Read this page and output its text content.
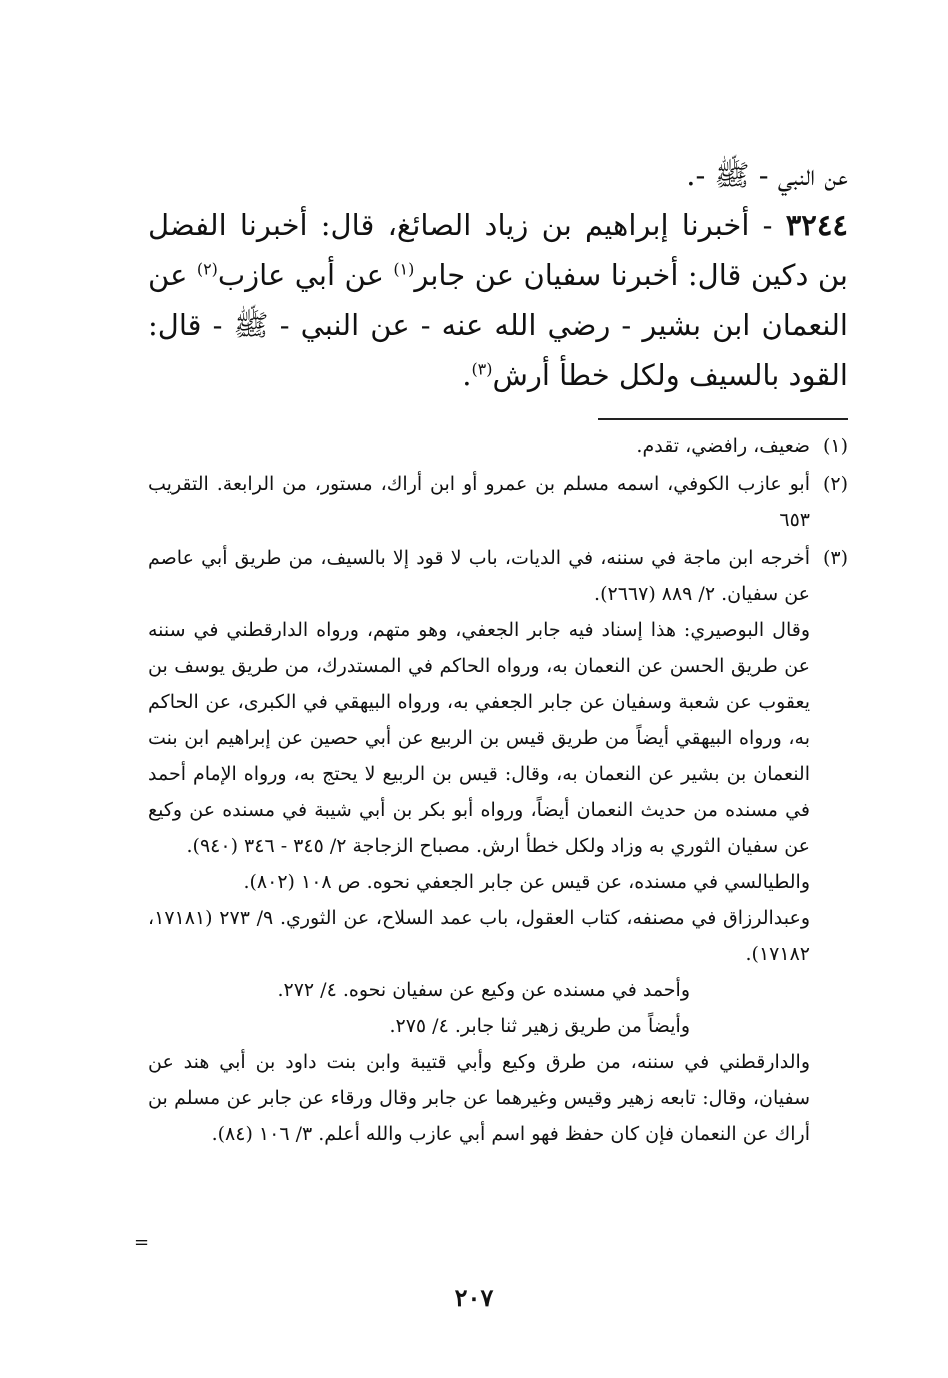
عن النبي - ﷺ -.

٣٢٤٤ - أخبرنا إبراهيم بن زياد الصائغ، قال: أخبرنا الفضل بن دكين قال: أخبرنا سفيان عن جابر$^{(١)}$ عن أبي عازب$^{(٢)}$ عن النعمان ابن بشير - رضي الله عنه - عن النبي - ﷺ - قال: القود بالسيف ولكل خطأ أرش$^{(٣)}$.

(١)

ضعيف، رافضي، تقدم.

(٢)

أبو عازب الكوفي، اسمه مسلم بن عمرو أو ابن أراك، مستور، من الرابعة. التقريب ٦٥٣

(٣)

أخرجه ابن ماجة في سننه، في الديات، باب لا قود إلا بالسيف، من طريق أبي عاصم عن سفيان. ٢/ ٨٨٩ (٢٦٦٧).

وقال البوصيري: هذا إسناد فيه جابر الجعفي، وهو متهم، ورواه الدارقطني في سننه عن طريق الحسن عن النعمان به، ورواه الحاكم في المستدرك، من طريق يوسف بن يعقوب عن شعبة وسفيان عن جابر الجعفي به، ورواه البيهقي في الكبرى، عن الحاكم به، ورواه البيهقي أيضاً من طريق قيس بن الربيع عن أبي حصين عن إبراهيم ابن بنت النعمان بن بشير عن النعمان به، وقال: قيس بن الربيع لا يحتج به، ورواه الإمام أحمد في مسنده من حديث النعمان أيضاً، ورواه أبو بكر بن أبي شيبة في مسنده عن وكيع عن سفيان الثوري به وزاد ولكل خطأ ارش. مصباح الزجاجة ٢/ ٣٤٥ - ٣٤٦ (٩٤٠).

والطيالسي في مسنده، عن قيس عن جابر الجعفي نحوه. ص ١٠٨ (٨٠٢).

وعبدالرزاق في مصنفه، كتاب العقول، باب عمد السلاح، عن الثوري. ٩/ ٢٧٣ (١٧١٨١، ١٧١٨٢).

وأحمد في مسنده عن وكيع عن سفيان نحوه. ٤/ ٢٧٢.

وأيضاً من طريق زهير ثنا جابر. ٤/ ٢٧٥.

والدارقطني في سننه، من طرق وكيع وأبي قتيبة وابن بنت داود بن أبي هند عن سفيان، وقال: تابعه زهير وقيس وغيرهما عن جابر وقال ورقاء عن جابر عن مسلم بن أراك عن النعمان فإن كان حفظ فهو اسم أبي عازب والله أعلم. ٣/ ١٠٦ (٨٤).

=
٢٠٧
